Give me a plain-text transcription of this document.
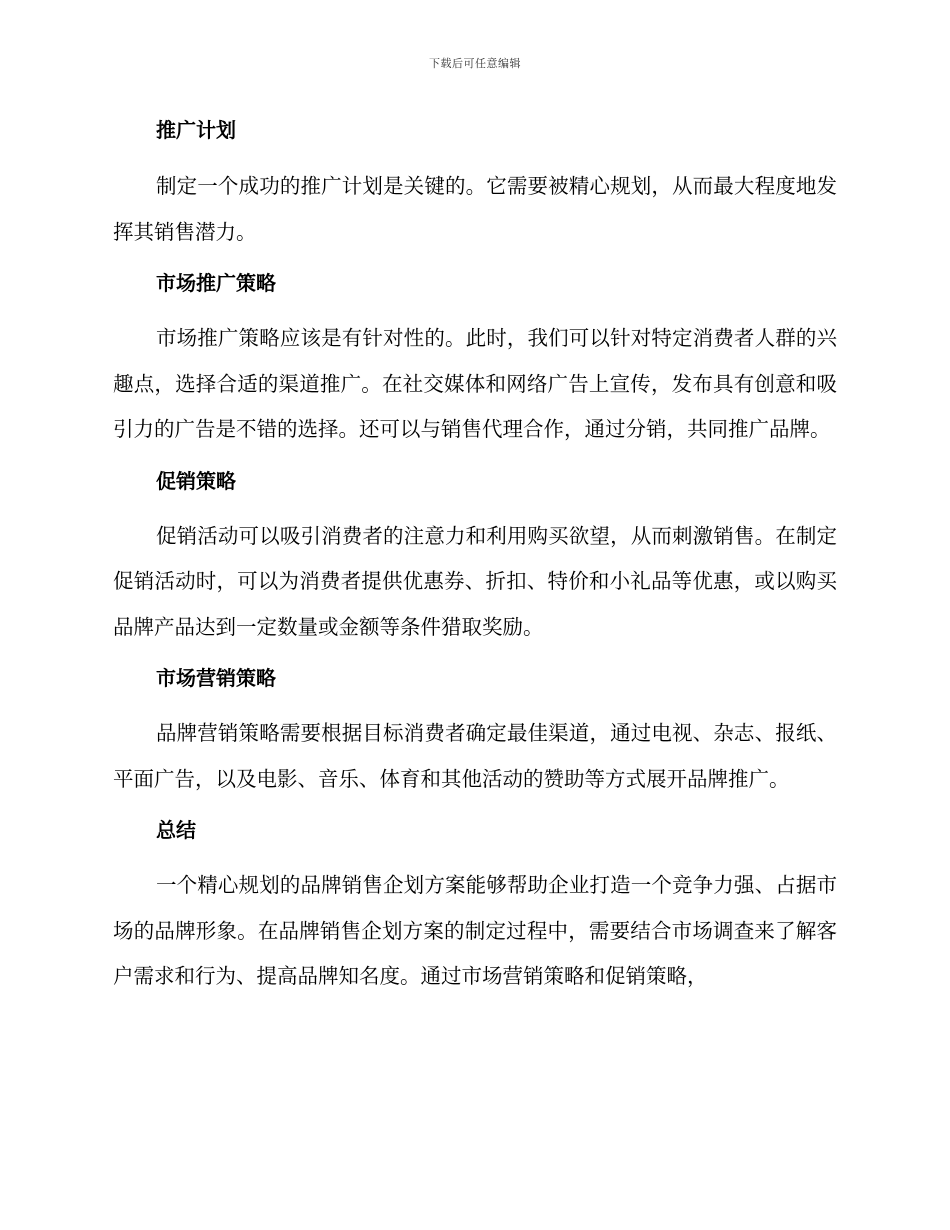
下载后可任意编辑
推广计划

制定一个成功的推广计划是关键的。它需要被精心规划，从而最大程度地发挥其销售潜力。

市场推广策略

市场推广策略应该是有针对性的。此时，我们可以针对特定消费者人群的兴趣点，选择合适的渠道推广。在社交媒体和网络广告上宣传，发布具有创意和吸引力的广告是不错的选择。还可以与销售代理合作，通过分销，共同推广品牌。

促销策略

促销活动可以吸引消费者的注意力和利用购买欲望，从而刺激销售。在制定促销活动时，可以为消费者提供优惠券、折扣、特价和小礼品等优惠，或以购买品牌产品达到一定数量或金额等条件猎取奖励。

市场营销策略

品牌营销策略需要根据目标消费者确定最佳渠道，通过电视、杂志、报纸、平面广告，以及电影、音乐、体育和其他活动的赞助等方式展开品牌推广。

总结

一个精心规划的品牌销售企划方案能够帮助企业打造一个竞争力强、占据市场的品牌形象。在品牌销售企划方案的制定过程中，需要结合市场调查来了解客户需求和行为、提高品牌知名度。通过市场营销策略和促销策略，
